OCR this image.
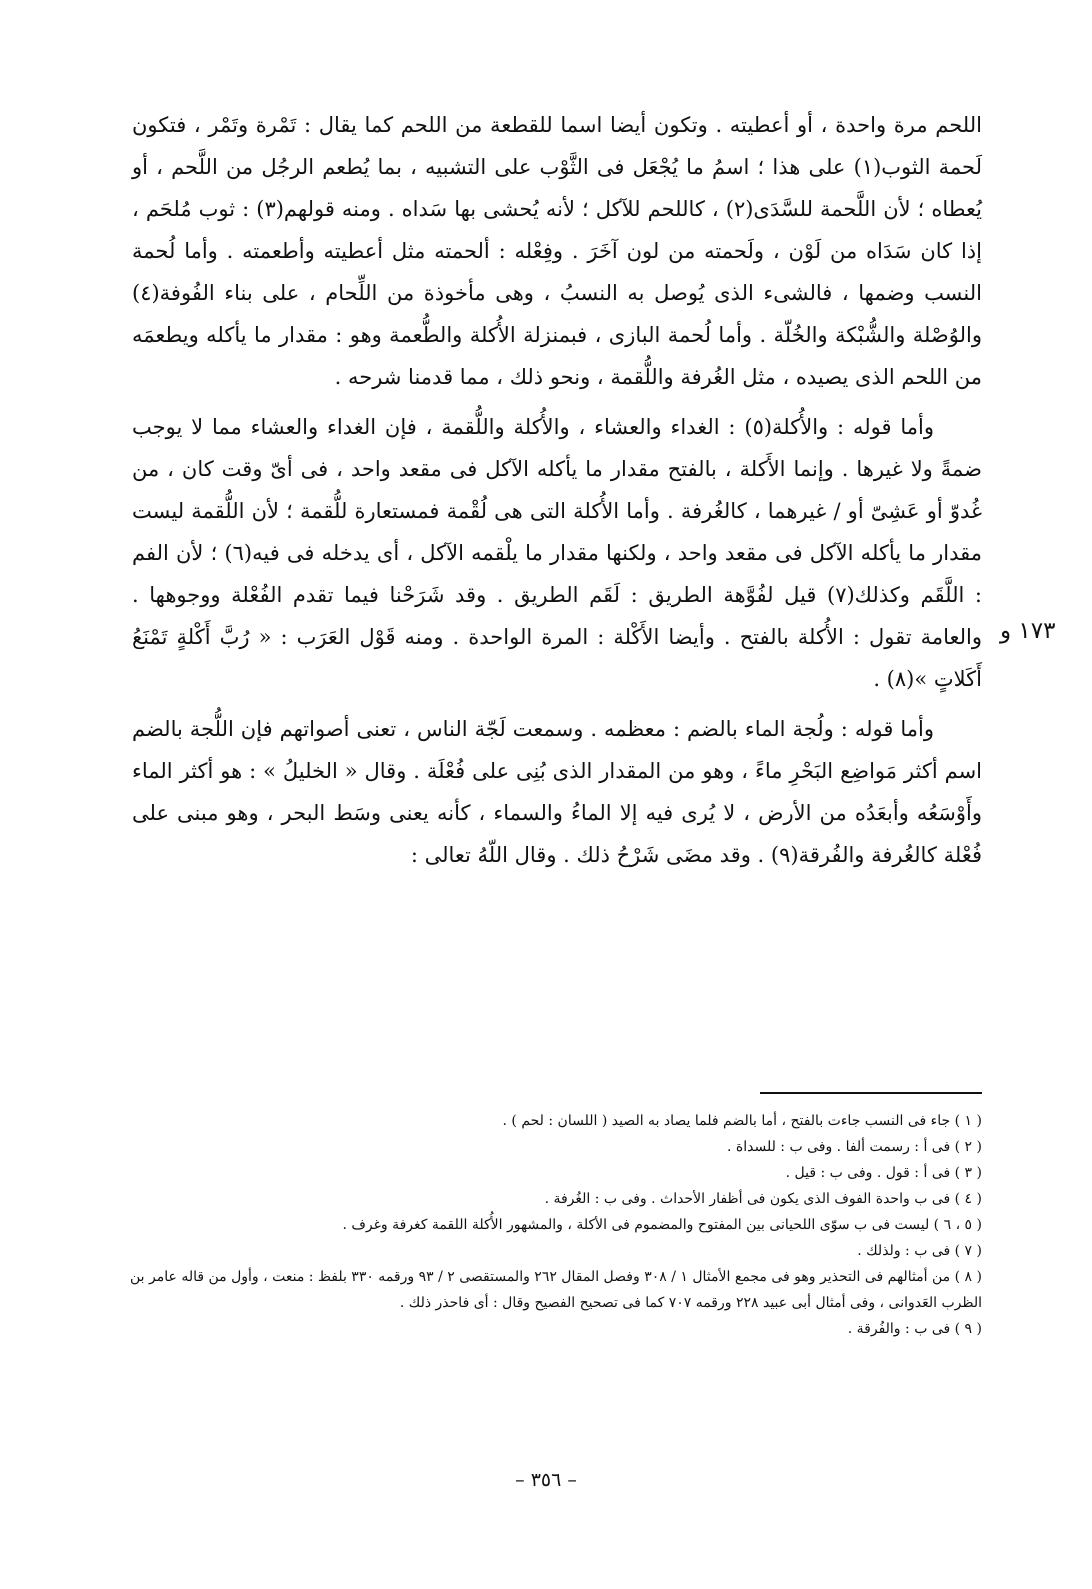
اللحم مرة واحدة ، أو أعطيته . وتكون أيضا اسما للقطعة من اللحم كما يقال : تَمْرة وتَمْر ، فتكون لَحمة الثوب(١) على هذا ؛ اسمُ ما يُجْعَل فى الثَّوْب على التشبيه ، بما يُطعم الرجُل من اللَّحم ، أو يُعطاه ؛ لأن اللَّحمة للسَّدَى(٢) ، كاللحم للآكل ؛ لأنه يُحشى بها سَداه . ومنه قولهم(٣) : ثوب مُلحَم ، إذا كان سَدَاه من لَوْن ، ولَحمته من لون آخَرَ . وفِعْله : ألحمته مثل أعطيته وأطعمته . وأما لُحمة النسب وضمها ، فالشىء الذى يُوصل به النسبُ ، وهى مأخوذة من اللِّحام ، على بناء الفُوفة(٤) والوُصْلة والشُّبْكة والخُلّة . وأما لُحمة البازى ، فبمنزلة الأُكلة والطُّعمة وهو : مقدار ما يأكله ويطعمَه من اللحم الذى يصيده ، مثل الغُرفة واللُّقمة ، ونحو ذلك ، مما قدمنا شرحه .

وأما قوله : والأُكلة(٥) : الغداء والعشاء ، والأُكلة واللُّقمة ، فإن الغداء والعشاء مما لا يوجب ضمةً ولا غيرها . وإنما الأَكلة ، بالفتح مقدار ما يأكله الآكل فى مقعد واحد ، فى أىّ وقت كان ، من غُدوّ أو عَشِىّ أو / غيرهما ، كالغُرفة . وأما الأُكلة التى هى لُقْمة فمستعارة للُّقمة ؛ لأن اللُّقمة ليست مقدار ما يأكله الآكل فى مقعد واحد ، ولكنها مقدار ما يلْقمه الآكل ، أى يدخله فى فيه(٦) ؛ لأن الفم : اللَّقَم وكذلك(٧) قيل لفُوَّهة الطريق : لَقَم الطريق . وقد شَرَحْنا فيما تقدم الفُعْلة ووجوهها . والعامة تقول : الأُكلة بالفتح . وأيضا الأَكْلة : المرة الواحدة . ومنه قَوْل العَرَب : « رُبَّ أَكْلةٍ تَمْنَعُ أَكَلاتٍ »(٨) .

وأما قوله : ولُجة الماء بالضم : معظمه . وسمعت لَجّة الناس ، تعنى أصواتهم فإن اللُّجة بالضم اسم أكثر مَواضِع البَحْرِ ماءً ، وهو من المقدار الذى بُنِى على فُعْلَة . وقال « الخليلُ » : هو أكثر الماء وأَوْسَعُه وأبعَدُه من الأرض ، لا يُرى فيه إلا الماءُ والسماء ، كأنه يعنى وسَط البحر ، وهو مبنى على فُعْلة كالغُرفة والفُرقة(٩) . وقد مضَى شَرْحُ ذلك . وقال اللّهُ تعالى :

١٧٣ و

( ١ ) جاء فى النسب جاءت بالفتح ، أما بالضم فلما يصاد به الصيد ( اللسان : لحم ) .

( ٢ ) فى أ : رسمت ألفا . وفى ب : للسداة .

( ٣ ) فى أ : قول . وفى ب : قيل .

( ٤ ) فى ب واحدة الفوف الذى يكون فى أظفار الأحداث . وفى ب : الغُرفة .

( ٥ ، ٦ ) ليست فى ب سوّى اللحيانى بين المفتوح والمضموم فى الأكلة ، والمشهور الأُكلة اللقمة كغرفة وغرف .

( ٧ ) فى ب : ولذلك .

( ٨ ) من أمثالهم فى التحذير وهو فى مجمع الأمثال ١ / ٣٠٨ وفصل المقال ٢٦٢ والمستقصى ٢ / ٩٣ ورقمه ٣٣٠ بلفظ : منعت ، وأول من قاله عامر بن الظرب العَدوانى ، وفى أمثال أبى عبيد ٢٢٨ ورقمه ٧٠٧ كما فى تصحيح الفصيح وقال : أى فاحذر ذلك .

( ٩ ) فى ب : والفُرقة .

– ٣٥٦ –
